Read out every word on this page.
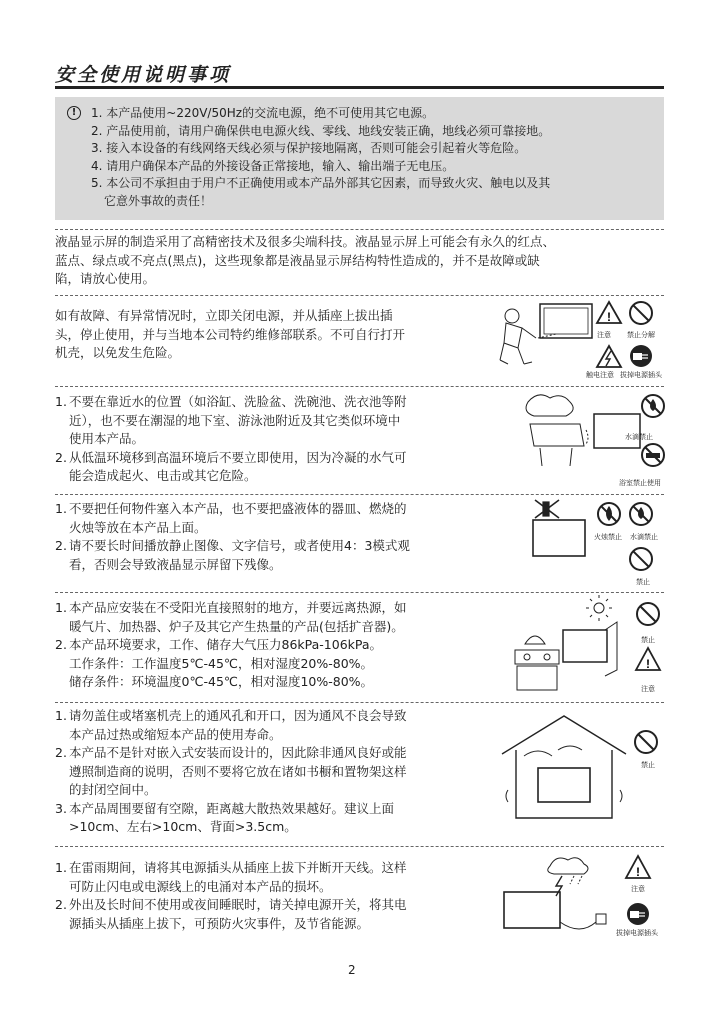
安全使用说明事项
!	1. 本产品使用~220V/50Hz的交流电源，绝不可使用其它电源。
2. 产品使用前，请用户确保供电电源火线、零线、地线安装正确，地线必须可靠接地。
3. 接入本设备的有线网络天线必须与保护接地隔离，否则可能会引起着火等危险。
4. 请用户确保本产品的外接设备正常接地，输入、输出端子无电压。
5. 本公司不承担由于用户不正确使用或本产品外部其它因素，而导致火灾、触电以及其
它意外事故的责任！
液晶显示屏的制造采用了高精密技术及很多尖端科技。液晶显示屏上可能会有永久的红点、
蓝点、绿点或不亮点(黑点)，这些现象都是液晶显示屏结构特性造成的，并不是故障或缺
陷，请放心使用。
如有故障、有异常情况时，立即关闭电源，并从插座上拔出插
头，停止使用，并与当地本公司特约维修部联系。不可自行打开
机壳，以免发生危险。
!
注意 禁止分解
触电注意 拔掉电源插头
1. 不要在靠近水的位置（如浴缸、洗脸盆、洗碗池、洗衣池等附
近），也不要在潮湿的地下室、游泳池附近及其它类似环境中
使用本产品。
2. 从低温环境移到高温环境后不要立即使用，因为冷凝的水气可
能会造成起火、电击或其它危险。
水滴禁止
浴室禁止使用
1. 不要把任何物件塞入本产品，也不要把盛液体的器皿、燃烧的
火烛等放在本产品上面。
2. 请不要长时间播放静止图像、文字信号，或者使用4：3模式观
看，否则会导致液晶显示屏留下残像。
火烛禁止 水滴禁止
禁止
1. 本产品应安装在不受阳光直接照射的地方，并要远离热源，如
暖气片、加热器、炉子及其它产生热量的产品(包括扩音器)。
2. 本产品环境要求，工作、储存大气压力86kPa-106kPa。
工作条件：工作温度5℃-45℃，相对湿度20%-80%。
储存条件：环境温度0℃-45℃，相对湿度10%-80%。
!
禁止
注意
1. 请勿盖住或堵塞机壳上的通风孔和开口，因为通风不良会导致
本产品过热或缩短本产品的使用寿命。
2. 本产品不是针对嵌入式安装而设计的，因此除非通风良好或能
遵照制造商的说明，否则不要将它放在诸如书橱和置物架这样
的封闭空间中。
3. 本产品周围要留有空隙，距离越大散热效果越好。建议上面
>10cm、左右>10cm、背面>3.5cm。
禁止
1. 在雷雨期间，请将其电源插头从插座上拔下并断开天线。这样
可防止闪电或电源线上的电涌对本产品的损坏。
2. 外出及长时间不使用或夜间睡眠时，请关掉电源开关，将其电
源插头从插座上拔下，可预防火灾事件，及节省能源。
!
注意
拔掉电源插头
2
